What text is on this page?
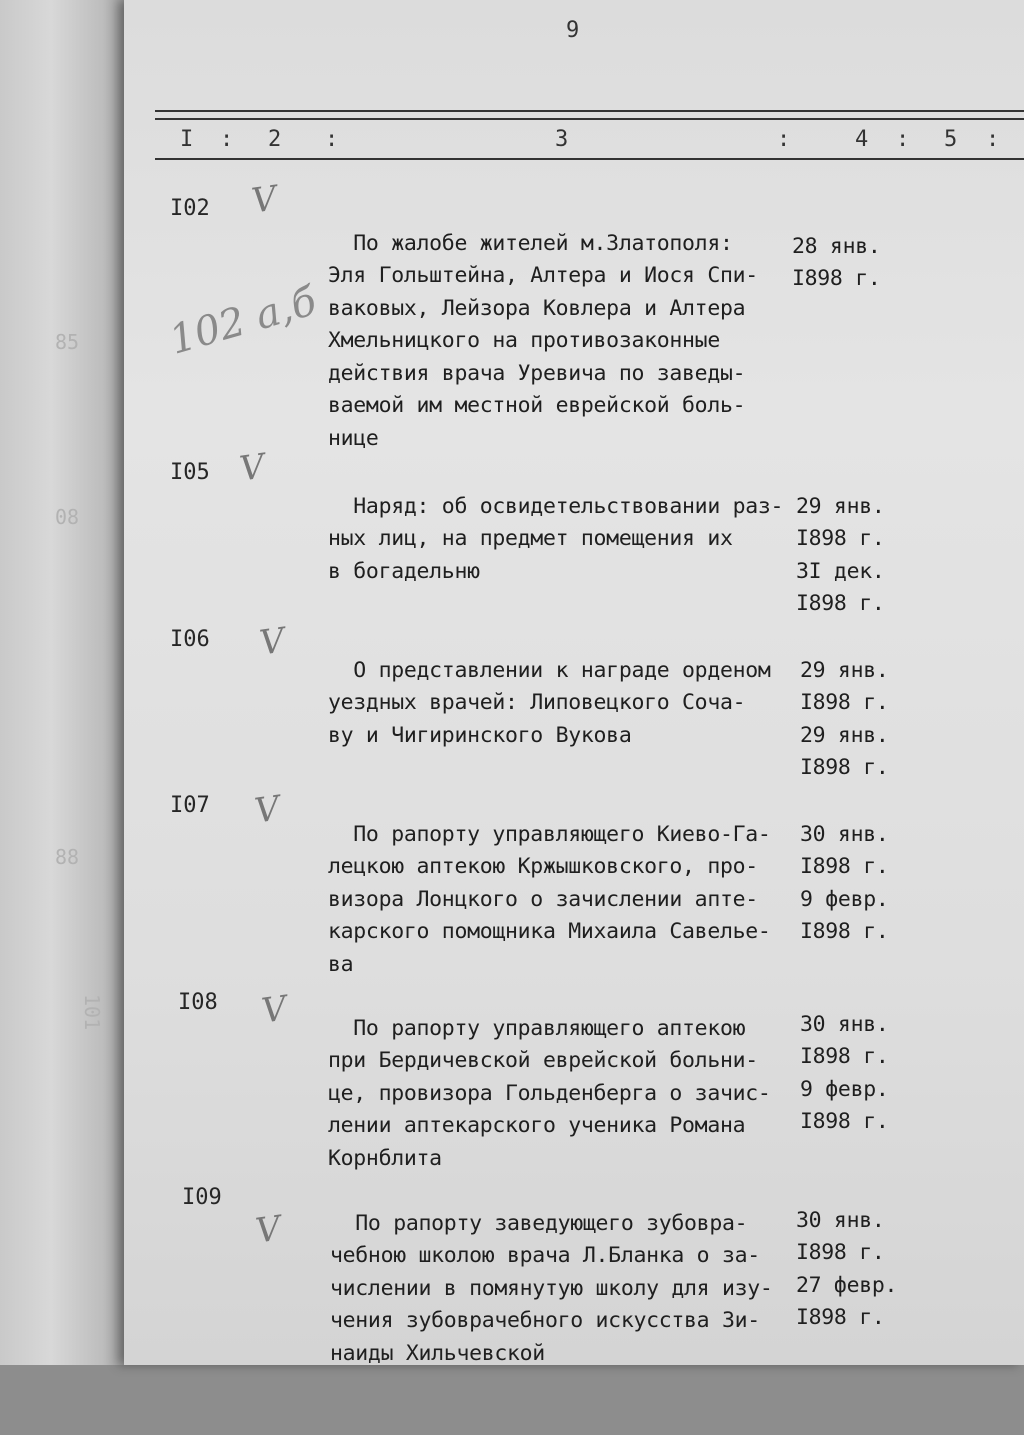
85
08
88
101
9
I : 2 :	3	:	4 : 5 :
102 а,б
I02 V

По жалобе жителей м.Златополя:
Эля Гольштейна, Алтера и Иося Спи-
ваковых, Лейзора Ковлера и Алтера
Хмельницкого на противозаконные
действия врача Уревича по заведы-
ваемой им местной еврейской боль-
нице

28 янв.
I898 г.

I05 V

Наряд: об освидетельствовании раз-
ных лиц, на предмет помещения их
в богадельню

29 янв.
I898 г.
3I дек.
I898 г.

I06 V

О представлении к награде орденом
уездных врачей: Липовецкого Соча-
ву и Чигиринского Вукова

29 янв.
I898 г.
29 янв.
I898 г.

I07 V

По рапорту управляющего Киево-Га-
лецкою аптекою Кржышковского, про-
визора Лонцкого о зачислении апте-
карского помощника Михаила Савелье-
ва

30 янв.
I898 г.
9 февр.
I898 г.

I08 V По рапорту управляющего аптекою
при Бердичевской еврейской больни-
це, провизора Гольденберга о зачис-
лении аптекарского ученика Романа
Корнблита

30 янв.
I898 г.
9 февр.
I898 г.

I09
V По рапорту заведующего зубовра-
чебною школою врача Л.Бланка о за-
числении в помянутую школу для изу-
чения зубоврачебного искусства Зи-
наиды Хильчевской

30 янв.
I898 г.
27 февр.
I898 г.
